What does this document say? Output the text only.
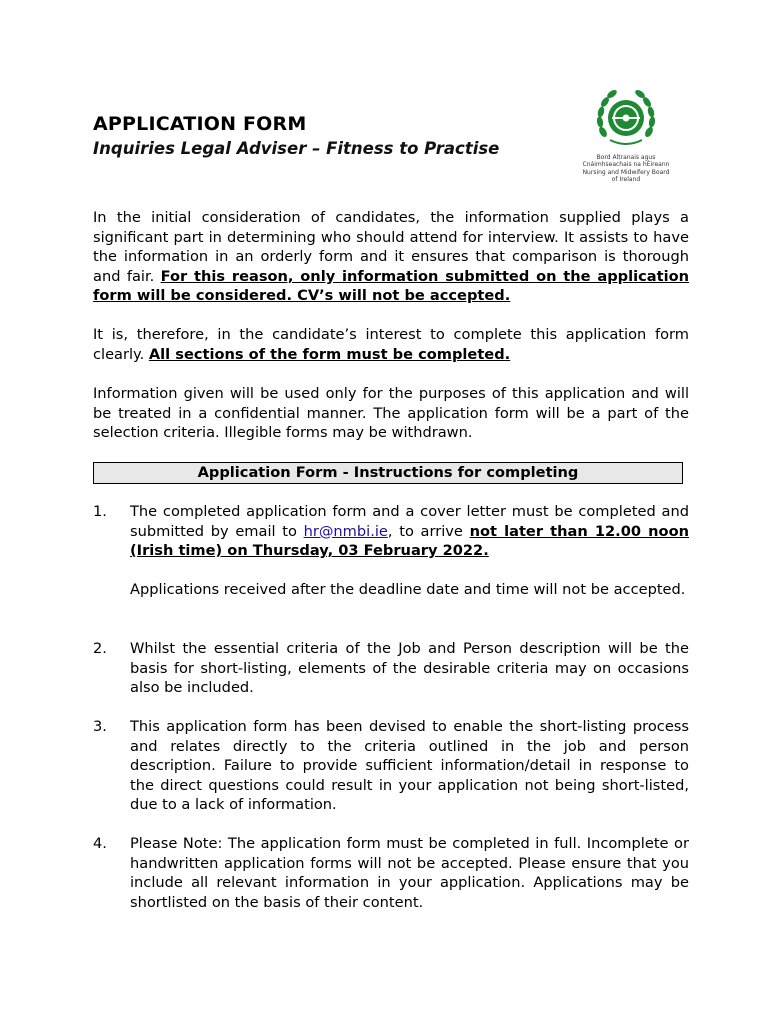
APPLICATION FORM
Inquiries Legal Adviser – Fitness to Practise	Bord Altranais agus
Cnáimhseachais na hÉireann
Nursing and Midwifery Board
of Ireland

In the initial consideration of candidates, the information supplied plays a significant part in determining who should attend for interview. It assists to have the information in an orderly form and it ensures that comparison is thorough and fair. For this reason, only information submitted on the application form will be considered. CV’s will not be accepted.

It is, therefore, in the candidate’s interest to complete this application form clearly. All sections of the form must be completed.

Information given will be used only for the purposes of this application and will be treated in a confidential manner. The application form will be a part of the selection criteria. Illegible forms may be withdrawn.

Application Form - Instructions for completing
1. The completed application form and a cover letter must be completed and submitted by email to hr@nmbi.ie, to arrive not later than 12.00 noon (Irish time) on Thursday, 03 February 2022.

Applications received after the deadline date and time will not be accepted.

2. Whilst the essential criteria of the Job and Person description will be the basis for short-listing, elements of the desirable criteria may on occasions also be included.

3. This application form has been devised to enable the short-listing process and relates directly to the criteria outlined in the job and person description. Failure to provide sufficient information/detail in response to the direct questions could result in your application not being short-listed, due to a lack of information.

4. Please Note: The application form must be completed in full. Incomplete or handwritten application forms will not be accepted. Please ensure that you include all relevant information in your application. Applications may be shortlisted on the basis of their content.
